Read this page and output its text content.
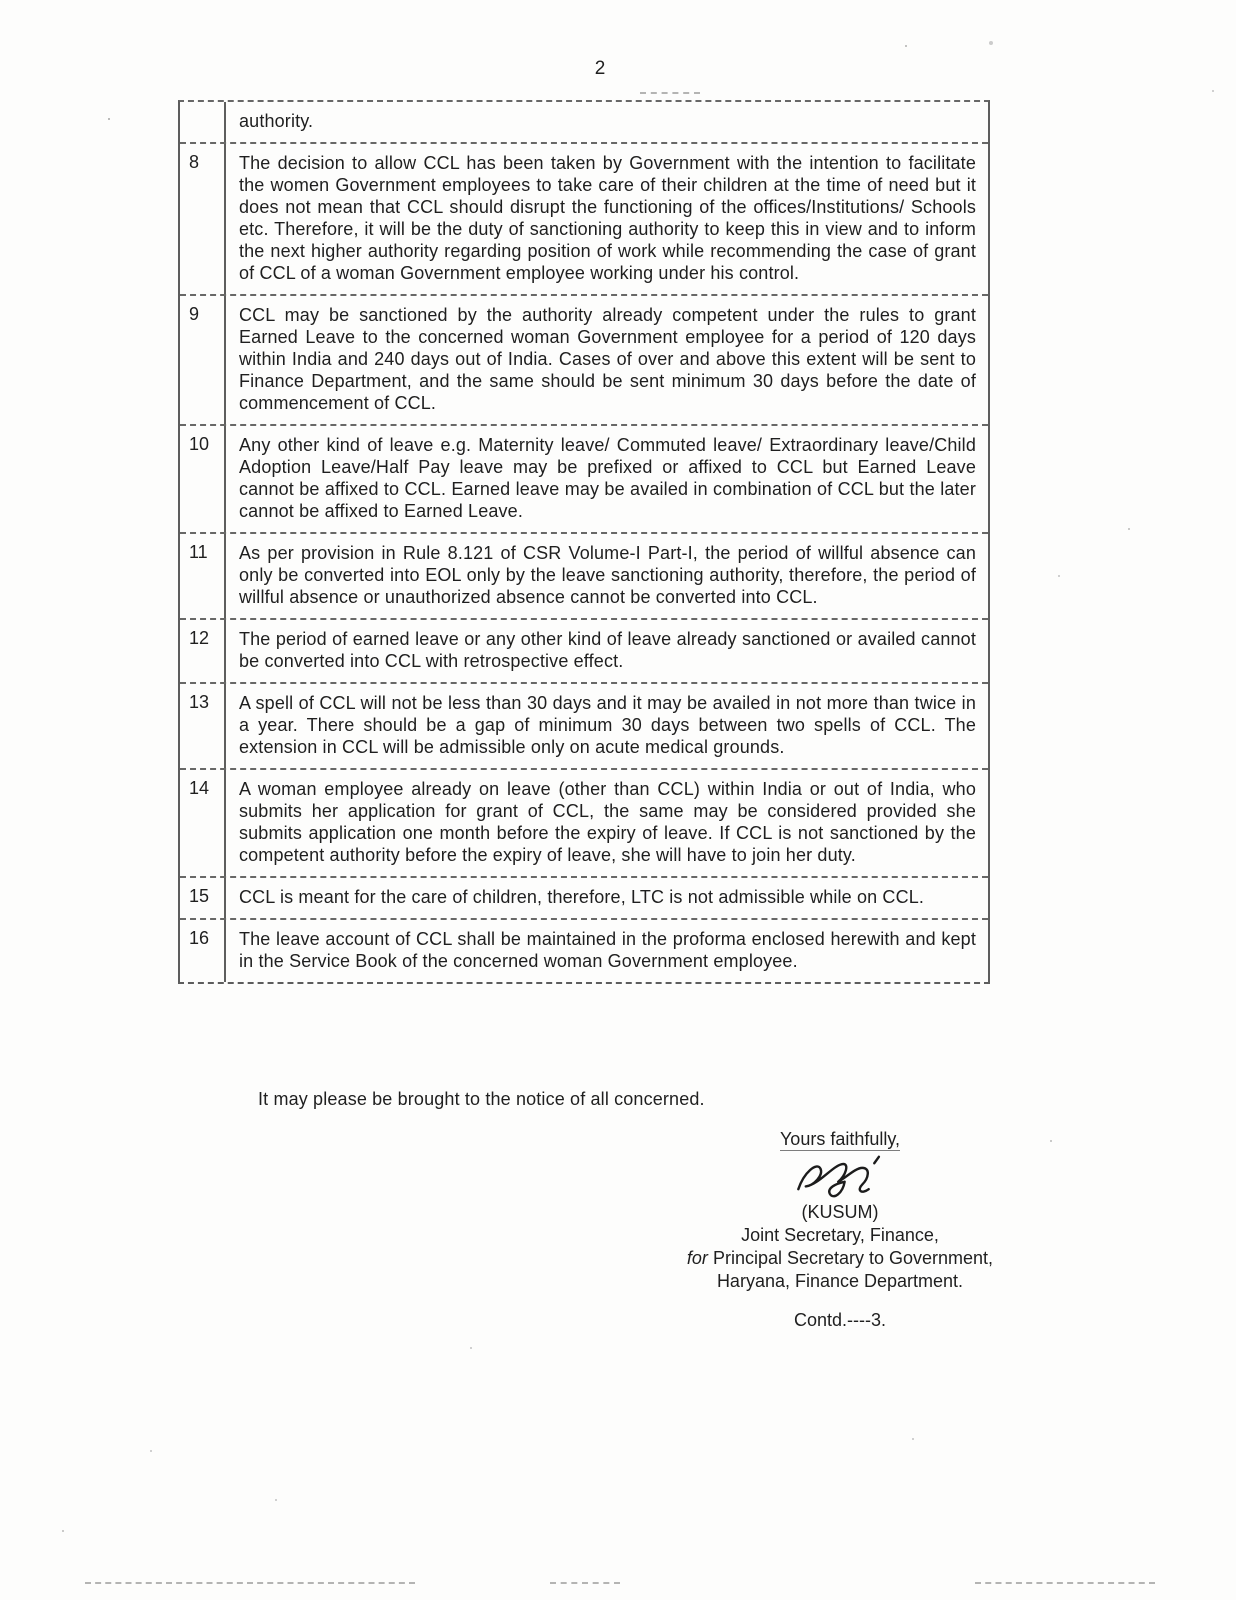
2
authority.
8	The decision to allow CCL has been taken by Government with the intention to facilitate the women Government employees to take care of their children at the time of need but it does not mean that CCL should disrupt the functioning of the offices/Institutions/ Schools etc. Therefore, it will be the duty of sanctioning authority to keep this in view and to inform the next higher authority regarding position of work while recommending the case of grant of CCL of a woman Government employee working under his control.
9	CCL may be sanctioned by the authority already competent under the rules to grant Earned Leave to the concerned woman Government employee for a period of 120 days within India and 240 days out of India. Cases of over and above this extent will be sent to Finance Department, and the same should be sent minimum 30 days before the date of commencement of CCL.
10	Any other kind of leave e.g. Maternity leave/ Commuted leave/ Extraordinary leave/Child Adoption Leave/Half Pay leave may be prefixed or affixed to CCL but Earned Leave cannot be affixed to CCL. Earned leave may be availed in combination of CCL but the later cannot be affixed to Earned Leave.
11	As per provision in Rule 8.121 of CSR Volume-I Part-I, the period of willful absence can only be converted into EOL only by the leave sanctioning authority, therefore, the period of willful absence or unauthorized absence cannot be converted into CCL.
12	The period of earned leave or any other kind of leave already sanctioned or availed cannot be converted into CCL with retrospective effect.
13	A spell of CCL will not be less than 30 days and it may be availed in not more than twice in a year. There should be a gap of minimum 30 days between two spells of CCL. The extension in CCL will be admissible only on acute medical grounds.
14	A woman employee already on leave (other than CCL) within India or out of India, who submits her application for grant of CCL, the same may be considered provided she submits application one month before the expiry of leave. If CCL is not sanctioned by the competent authority before the expiry of leave, she will have to join her duty.
15	CCL is meant for the care of children, therefore, LTC is not admissible while on CCL.
16	The leave account of CCL shall be maintained in the proforma enclosed herewith and kept in the Service Book of the concerned woman Government employee.
It may please be brought to the notice of all concerned.
Yours faithfully,
(KUSUM)
Joint Secretary, Finance,
for Principal Secretary to Government,
Haryana, Finance Department.
Contd.----3.
